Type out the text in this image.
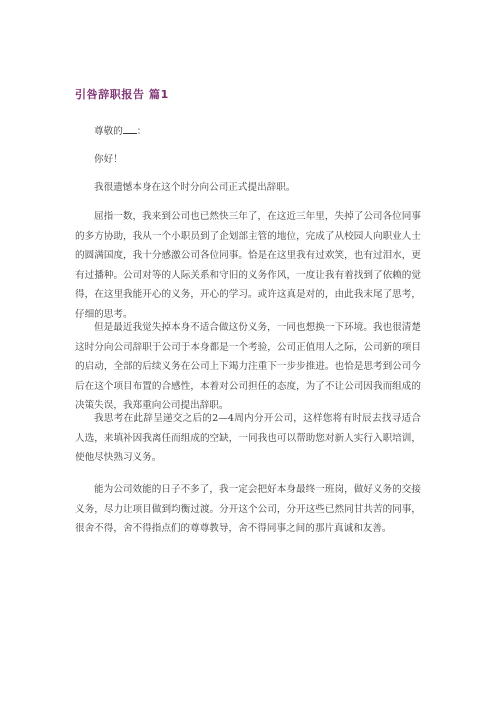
引咎辞职报告 篇1

尊敬的 ：

你好！

我很遗憾本身在这个时分向公司正式提出辞职。

屈指一数，我来到公司也已然快三年了，在这近三年里，失掉了公司各位同事的多方协助，我从一个小职员到了企划部主管的地位，完成了从校园人向职业人士的圆满国度，我十分感激公司各位同事。恰是在这里我有过欢笑，也有过泪水，更有过播种。公司对等的人际关系和守旧的义务作风，一度让我有着找到了依赖的觉得，在这里我能开心的义务，开心的学习。或许这真是对的，由此我末尾了思考，仔细的思考。

但是最近我觉失掉本身不适合做这份义务，一同也想换一下环境。我也很清楚这时分向公司辞职于公司于本身都是一个考验，公司正值用人之际，公司新的项目的启动，全部的后续义务在公司上下竭力注重下一步步推进。也恰是思考到公司今后在这个项目布置的合感性，本着对公司担任的态度，为了不让公司因我而组成的决策失误，我郑重向公司提出辞职。

我思考在此辞呈递交之后的2—4周内分开公司，这样您将有时辰去找寻适合人选，来填补因我离任而组成的空缺，一同我也可以帮助您对新人实行入职培训，使他尽快熟习义务。

能为公司效能的日子不多了，我一定会把好本身最终一班岗，做好义务的交接义务，尽力让项目做到均衡过渡。分开这个公司，分开这些已然同甘共苦的同事，很舍不得，舍不得指点们的尊尊教导，舍不得同事之间的那片真诚和友善。
